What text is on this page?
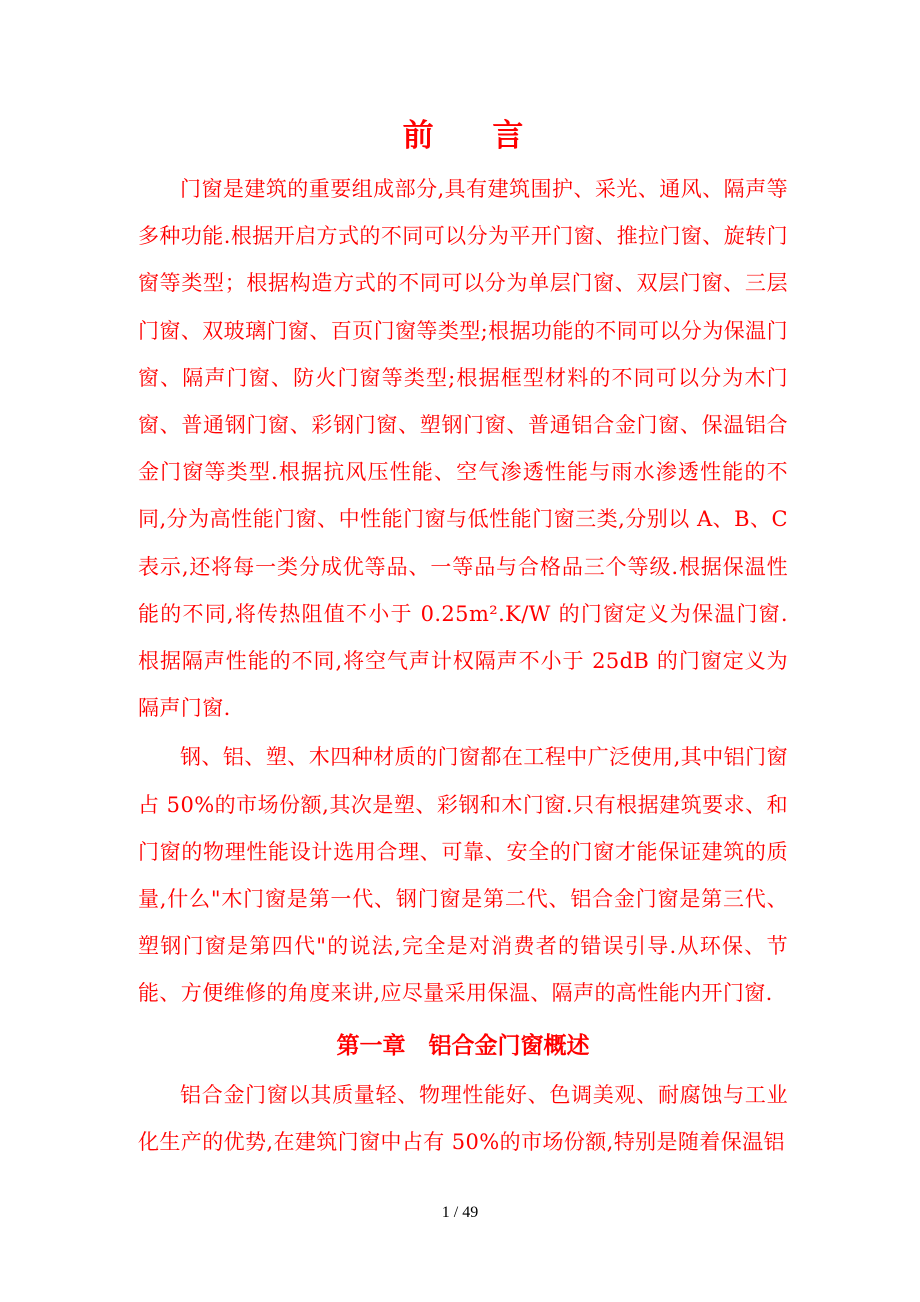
前 言

门窗是建筑的重要组成部分,具有建筑围护、采光、通风、隔声等多种功能.根据开启方式的不同可以分为平开门窗、推拉门窗、旋转门窗等类型；根据构造方式的不同可以分为单层门窗、双层门窗、三层门窗、双玻璃门窗、百页门窗等类型;根据功能的不同可以分为保温门窗、隔声门窗、防火门窗等类型;根据框型材料的不同可以分为木门窗、普通钢门窗、彩钢门窗、塑钢门窗、普通铝合金门窗、保温铝合金门窗等类型.根据抗风压性能、空气渗透性能与雨水渗透性能的不同,分为高性能门窗、中性能门窗与低性能门窗三类,分别以 A、B、C 表示,还将每一类分成优等品、一等品与合格品三个等级.根据保温性能的不同,将传热阻值不小于 0.25m².K/W 的门窗定义为保温门窗.根据隔声性能的不同,将空气声计权隔声不小于 25dB 的门窗定义为隔声门窗.

钢、铝、塑、木四种材质的门窗都在工程中广泛使用,其中铝门窗占 50%的市场份额,其次是塑、彩钢和木门窗.只有根据建筑要求、和门窗的物理性能设计选用合理、可靠、安全的门窗才能保证建筑的质量,什么"木门窗是第一代、钢门窗是第二代、铝合金门窗是第三代、塑钢门窗是第四代"的说法,完全是对消费者的错误引导.从环保、节能、方便维修的角度来讲,应尽量采用保温、隔声的高性能内开门窗.

第一章　铝合金门窗概述

铝合金门窗以其质量轻、物理性能好、色调美观、耐腐蚀与工业化生产的优势,在建筑门窗中占有 50%的市场份额,特别是随着保温铝

1 / 49
